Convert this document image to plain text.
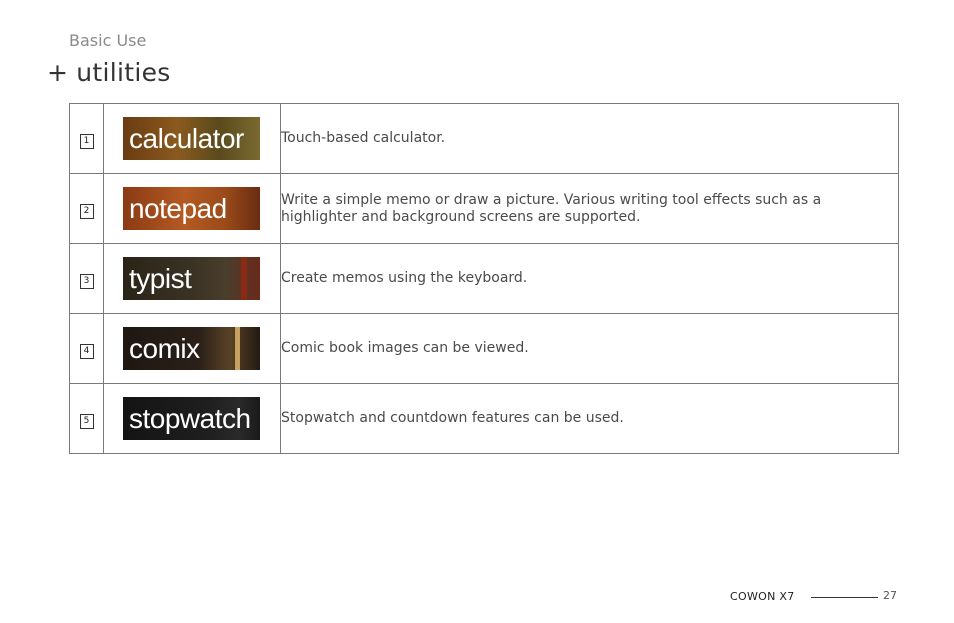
Basic Use
+ utilities
1	calculator	Touch-based calculator.
2	notepad	Write a simple memo or draw a picture. Various writing tool effects such as a highlighter and background screens are supported.
3	typist	Create memos using the keyboard.
4	comix	Comic book images can be viewed.
5	stopwatch	Stopwatch and countdown features can be used.
COWON X7	27
